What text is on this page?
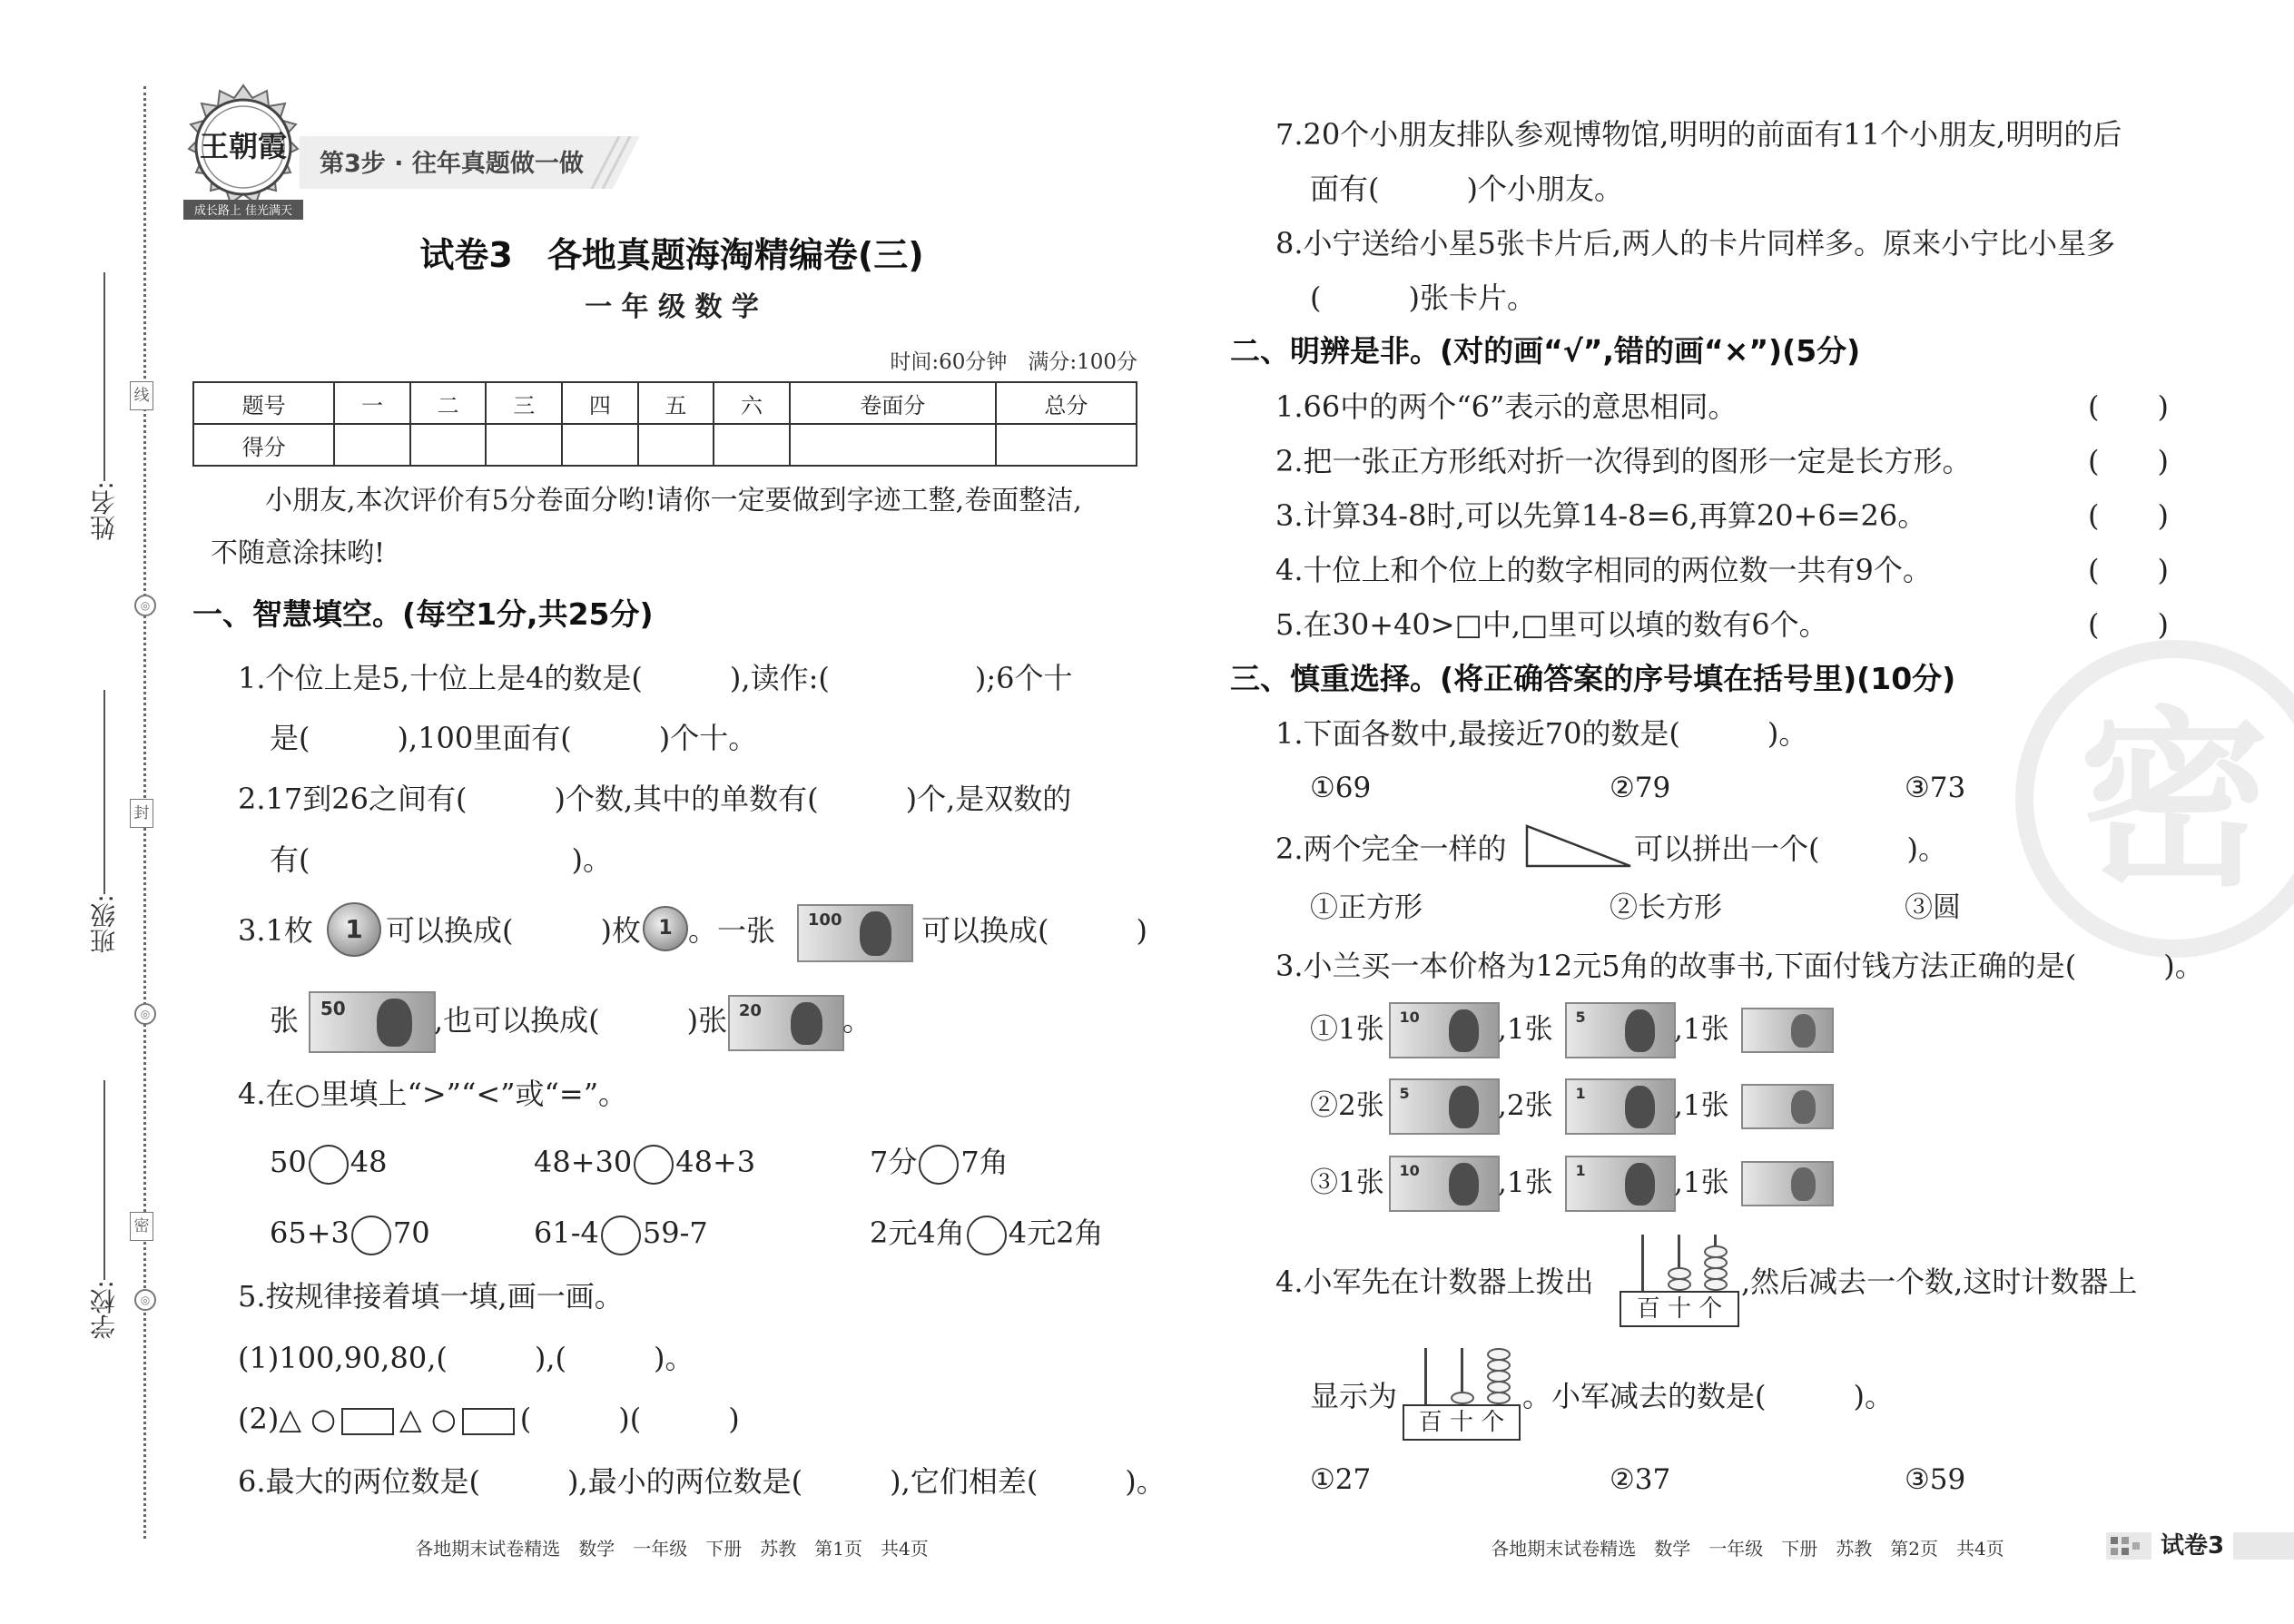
◎
◎
◎
线
封
密
姓名:
班级:
学校:
王朝霞
成长路上 佳光满天
第3步 · 往年真题做一做
试卷3　各地真题海淘精编卷(三)
一 年 级 数 学
时间:60分钟　满分:100分
题号	一	二	三	四	五	六	卷面分	总分
得分								
小朋友,本次评价有5分卷面分哟!请你一定要做到字迹工整,卷面整洁,
不随意涂抹哟!
一、智慧填空。(每空1分,共25分)
1.个位上是5,十位上是4的数是(　　　),读作:(　　　　　);6个十
是(　　　),100里面有(　　　)个十。
2.17到26之间有(　　　)个数,其中的单数有(　　　)个,是双数的
有(　　　　　　　　　)。
3.1枚	1 可以换成(　　　)枚 1 。一张 100	可以换成(　　　)
张 50	,也可以换成(　　　)张 20	。
4.在○里填上“>”“<”或“=”。
50 48	48+30 48+3	7分 7角
65+3 70	61-4 59-7	2元4角 4元2角
5.按规律接着填一填,画一画。
(1)100,90,80,(　　　),(　　　)。
(2)△ ○ △ ○ (　　　)(　　　)
6.最大的两位数是(　　　),最小的两位数是(　　　),它们相差(　　　)。
各地期末试卷精选　数学　一年级　下册　苏教　第1页　共4页
密
7.20个小朋友排队参观博物馆,明明的前面有11个小朋友,明明的后
面有(　　　)个小朋友。
8.小宁送给小星5张卡片后,两人的卡片同样多。原来小宁比小星多
(　　　)张卡片。
二、明辨是非。(对的画“√”,错的画“×”)(5分)
1.66中的两个“6”表示的意思相同。	(　　)
2.把一张正方形纸对折一次得到的图形一定是长方形。	(　　)
3.计算34-8时,可以先算14-8=6,再算20+6=26。	(　　)
4.十位上和个位上的数字相同的两位数一共有9个。	(　　)
5.在30+40>□中,□里可以填的数有6个。	(　　)
三、慎重选择。(将正确答案的序号填在括号里)(10分)
1.下面各数中,最接近70的数是(　　　)。
①69	②79	③73
2.两个完全一样的	可以拼出一个(　　　)。
①正方形	②长方形	③圆
3.小兰买一本价格为12元5角的故事书,下面付钱方法正确的是(　　　)。
①1张 10	,1张 5	,1张
②2张 5	,2张 1	,1张
③1张 10	,1张 1	,1张
4.小军先在计数器上拨出
百 十 个
,然后减去一个数,这时计数器上
显示为
百 十 个
。小军减去的数是(　　　)。
①27	②37	③59
各地期末试卷精选　数学　一年级　下册　苏教　第2页　共4页	试卷3
